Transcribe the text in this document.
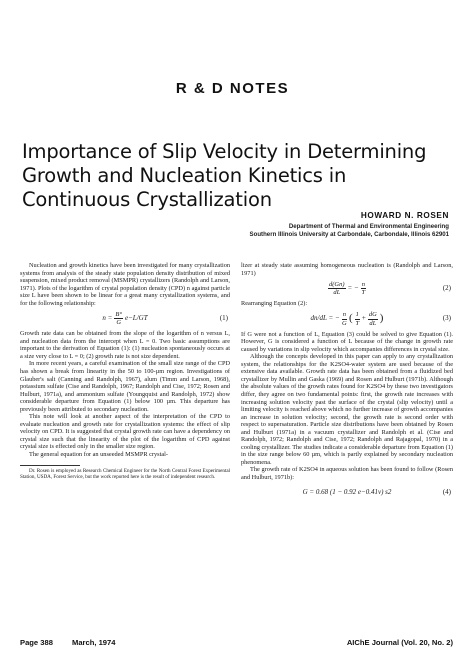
R & D NOTES
Importance of Slip Velocity in Determining
Growth and Nucleation Kinetics in
Continuous Crystallization
HOWARD N. ROSEN
Department of Thermal and Environmental Engineering
Southern Illinois University at Carbondale, Carbondale, Illinois 62901

Nucleation and growth kinetics have been investigated for many crystallization systems from analysis of the steady state population density distribution of mixed suspension, mixed product removal (MSMPR) crystallizers (Randolph and Larson, 1971). Plots of the logarithm of crystal population density (CPD) n against particle size L have been shown to be linear for a great many crystallization systems, and for the following relationship:

$n = \frac{B^\circ}{G} e-L/GT$	(1)

Growth rate data can be obtained from the slope of the logarithm of n versus L, and nucleation data from the intercept when L = 0. Two basic assumptions are important to the derivation of Equation (1): (1) nucleation spontaneously occurs at a size very close to L = 0; (2) growth rate is not size dependent.

In more recent years, a careful examination of the small size range of the CPD has shown a break from linearity in the 50 to 100-µm region. Investigations of Glauber's salt (Canning and Randolph, 1967), alum (Timm and Larson, 1968), potassium sulfate (Cise and Randolph, 1967; Randolph and Cise, 1972; Rosen and Hulburt, 1971a), and ammonium sulfate (Youngquist and Randolph, 1972) show considerable departure from Equation (1) below 100 µm. This departure has previously been attributed to secondary nucleation.

This note will look at another aspect of the interpretation of the CPD to evaluate nucleation and growth rate for crystallization systems: the effect of slip velocity on CPD. It is suggested that crystal growth rate can have a dependency on crystal size such that the linearity of the plot of the logarithm of CPD against crystal size is effected only in the smaller size region.

The general equation for an unseeded MSMPR crystal-

Dr. Rosen is employed as Research Chemical Engineer for the North Central Forest Experimental Station, USDA, Forest Service, but the work reported here is the result of independent research.

lizer at steady state assuming homogeneous nucleation is (Randolph and Larson, 1971)

$\frac{d(Gn)}{dL}$ = − $\frac{n}{T}$	(2)

Rearranging Equation (2):

dn/dL = − $\frac{n}{G}$ ( $\frac{1}{T} + \frac{dG}{dL}$ )	(3)

If G were not a function of L, Equation (3) could be solved to give Equation (1). However, G is considered a function of L because of the change in growth rate caused by variations in slip velocity which accompanies differences in crystal size.

Although the concepts developed in this paper can apply to any crystallization system, the relationships for the K2SO4-water system are used because of the extensive data available. Growth rate data has been obtained from a fluidized bed crystallizer by Mullin and Gaska (1969) and Rosen and Hulburt (1971b). Although the absolute values of the growth rates found for K2SO4 by these two investigators differ, they agree on two fundamental points: first, the growth rate increases with increasing solution velocity past the surface of the crystal (slip velocity) until a limiting velocity is reached above which no further increase of growth accompanies an increase in solution velocity; second, the growth rate is second order with respect to supersaturation. Particle size distributions have been obtained by Rosen and Hulburt (1971a) in a vacuum crystallizer and Randolph et al. (Cise and Randolph, 1972; Randolph and Cise, 1972; Randolph and Rajagopal, 1970) in a cooling crystallizer. The studies indicate a considerable departure from Equation (1) in the size range below 60 µm, which is partly explained by secondary nucleation phenomena.

The growth rate of K2SO4 in aqueous solution has been found to follow (Rosen and Hulburt, 1971b):

G = 0.68 (1 − 0.92 e−0.41v) s2	(4)
Page 388	March, 1974	AIChE Journal (Vol. 20, No. 2)
